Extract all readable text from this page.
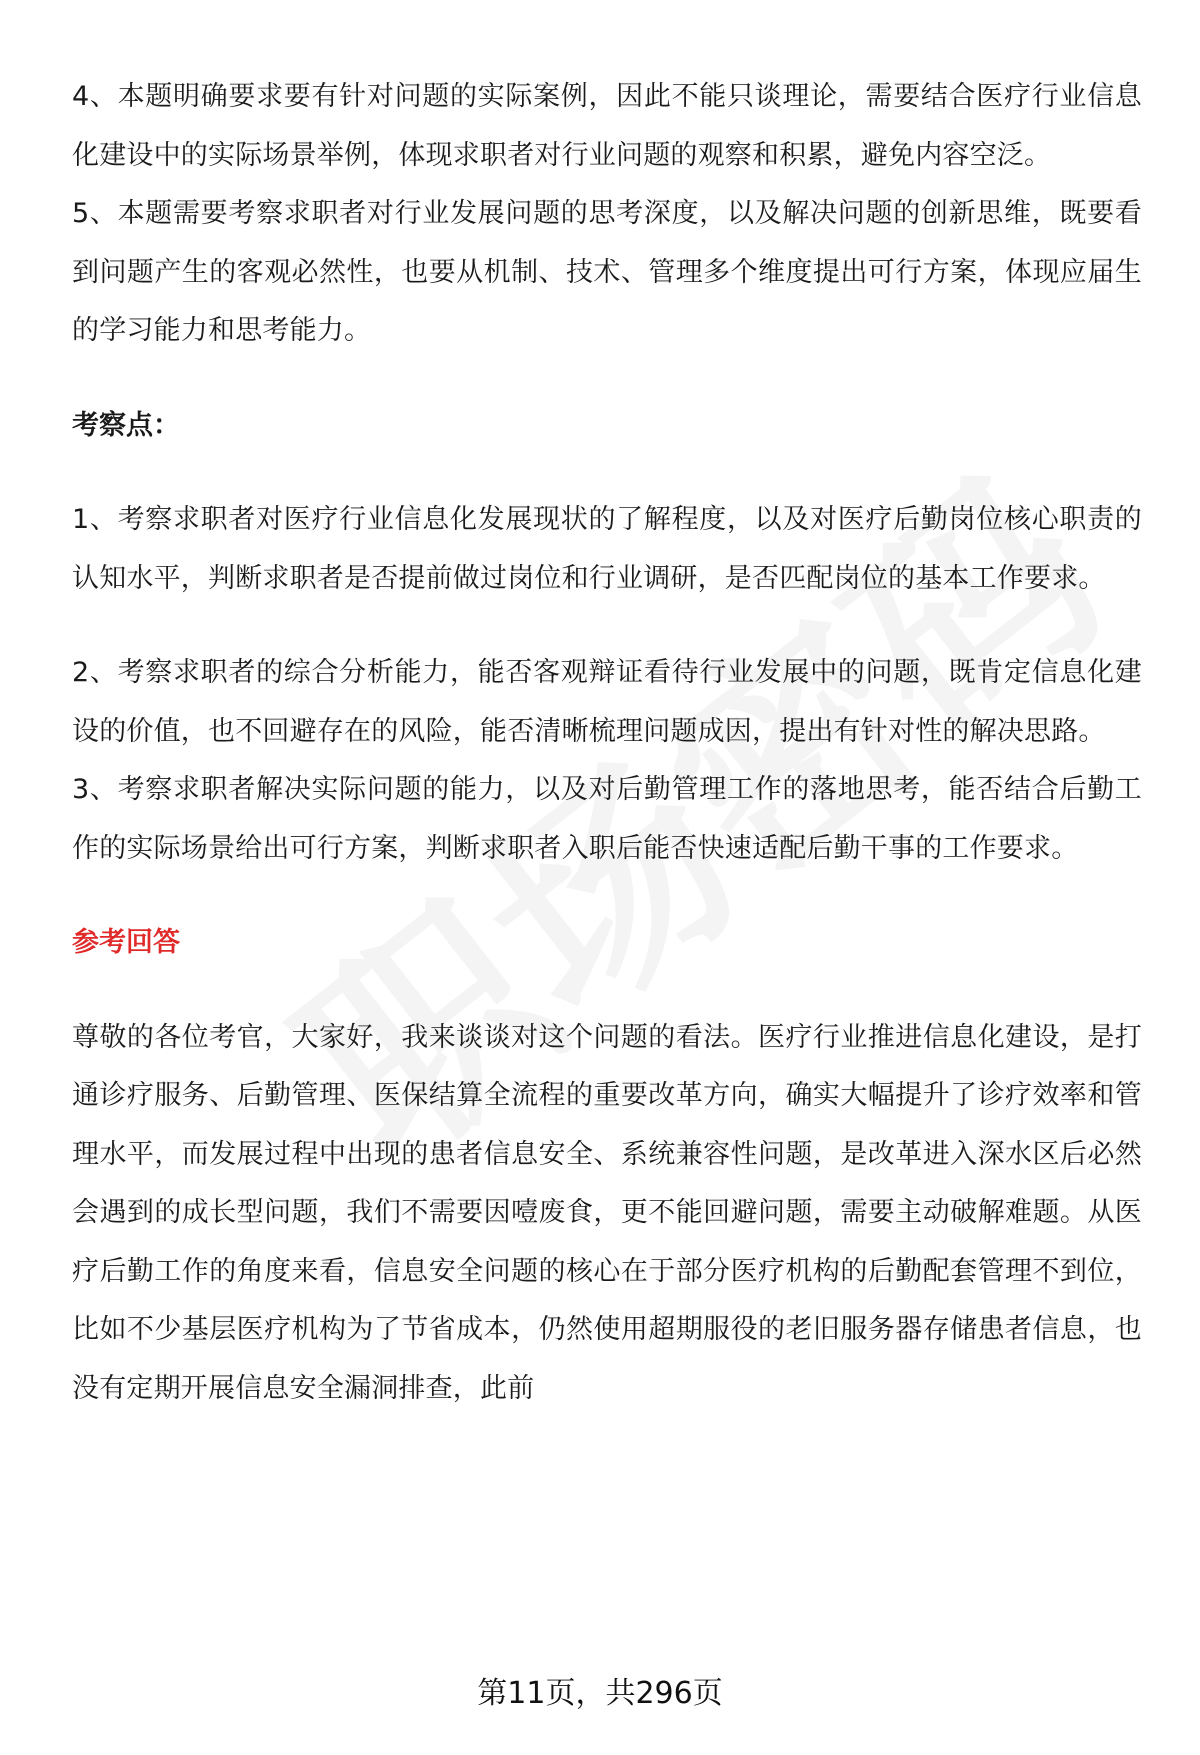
4、本题明确要求要有针对问题的实际案例，因此不能只谈理论，需要结合医疗行业信息化建设中的实际场景举例，体现求职者对行业问题的观察和积累，避免内容空泛。

5、本题需要考察求职者对行业发展问题的思考深度，以及解决问题的创新思维，既要看到问题产生的客观必然性，也要从机制、技术、管理多个维度提出可行方案，体现应届生的学习能力和思考能力。

考察点：

1、考察求职者对医疗行业信息化发展现状的了解程度，以及对医疗后勤岗位核心职责的认知水平，判断求职者是否提前做过岗位和行业调研，是否匹配岗位的基本工作要求。

2、考察求职者的综合分析能力，能否客观辩证看待行业发展中的问题，既肯定信息化建设的价值，也不回避存在的风险，能否清晰梳理问题成因，提出有针对性的解决思路。

3、考察求职者解决实际问题的能力，以及对后勤管理工作的落地思考，能否结合后勤工作的实际场景给出可行方案，判断求职者入职后能否快速适配后勤干事的工作要求。

参考回答

尊敬的各位考官，大家好，我来谈谈对这个问题的看法。医疗行业推进信息化建设，是打通诊疗服务、后勤管理、医保结算全流程的重要改革方向，确实大幅提升了诊疗效率和管理水平，而发展过程中出现的患者信息安全、系统兼容性问题，是改革进入深水区后必然会遇到的成长型问题，我们不需要因噎废食，更不能回避问题，需要主动破解难题。从医疗后勤工作的角度来看，信息安全问题的核心在于部分医疗机构的后勤配套管理不到位，比如不少基层医疗机构为了节省成本，仍然使用超期服役的老旧服务器存储患者信息，也没有定期开展信息安全漏洞排查，此前

第11页，共296页
